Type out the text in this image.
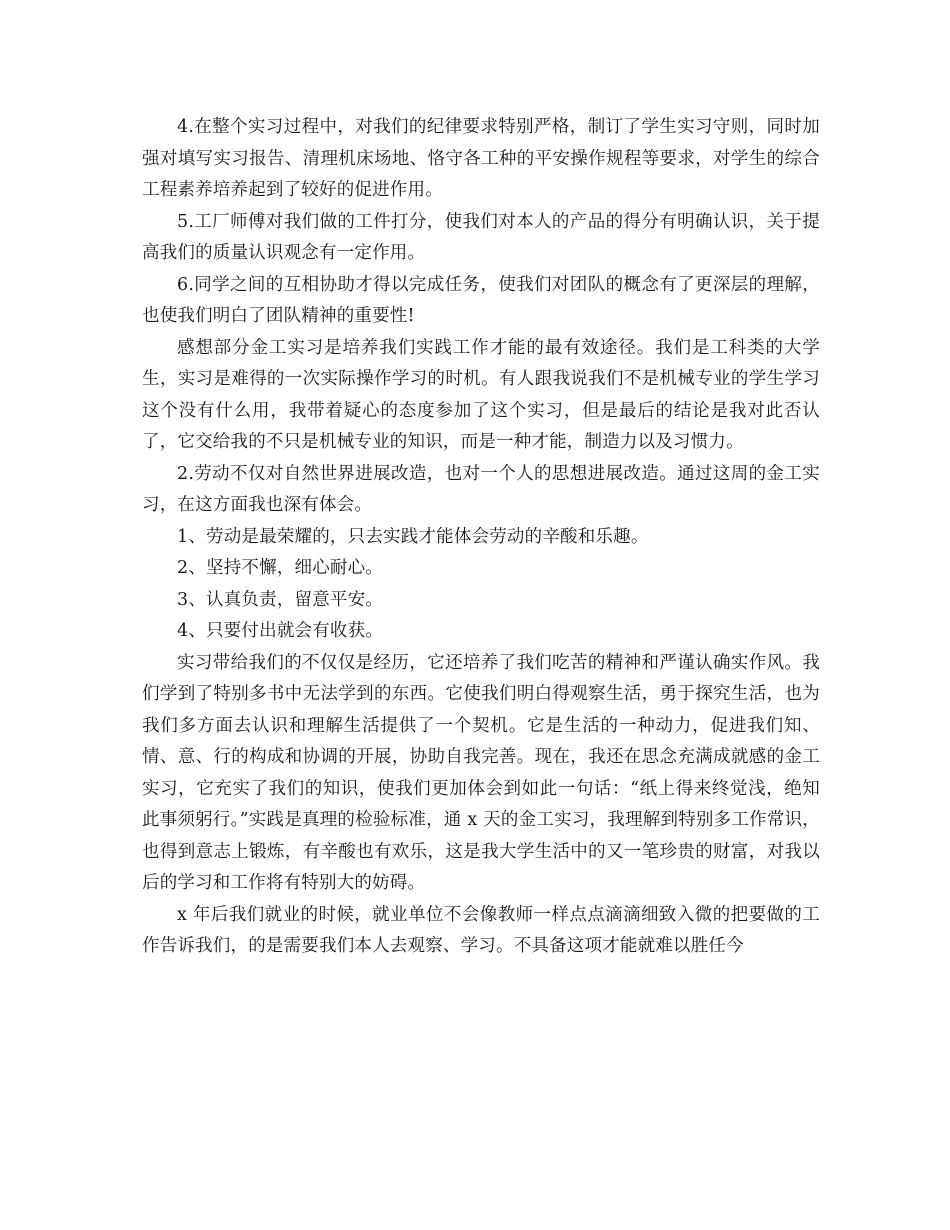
4.在整个实习过程中，对我们的纪律要求特别严格，制订了学生实习守则，同时加强对填写实习报告、清理机床场地、恪守各工种的平安操作规程等要求，对学生的综合工程素养培养起到了较好的促进作用。

5.工厂师傅对我们做的工件打分，使我们对本人的产品的得分有明确认识，关于提高我们的质量认识观念有一定作用。

6.同学之间的互相协助才得以完成任务，使我们对团队的概念有了更深层的理解，也使我们明白了团队精神的重要性!

感想部分金工实习是培养我们实践工作才能的最有效途径。我们是工科类的大学生，实习是难得的一次实际操作学习的时机。有人跟我说我们不是机械专业的学生学习这个没有什么用，我带着疑心的态度参加了这个实习，但是最后的结论是我对此否认了，它交给我的不只是机械专业的知识，而是一种才能，制造力以及习惯力。

2.劳动不仅对自然世界进展改造，也对一个人的思想进展改造。通过这周的金工实习，在这方面我也深有体会。

1、劳动是最荣耀的，只去实践才能体会劳动的辛酸和乐趣。

2、坚持不懈，细心耐心。

3、认真负责，留意平安。

4、只要付出就会有收获。

实习带给我们的不仅仅是经历，它还培养了我们吃苦的精神和严谨认确实作风。我们学到了特别多书中无法学到的东西。它使我们明白得观察生活，勇于探究生活，也为我们多方面去认识和理解生活提供了一个契机。它是生活的一种动力，促进我们知、情、意、行的构成和协调的开展，协助自我完善。现在，我还在思念充满成就感的金工实习，它充实了我们的知识，使我们更加体会到如此一句话：“纸上得来终觉浅，绝知此事须躬行。”实践是真理的检验标准，通 x 天的金工实习，我理解到特别多工作常识，也得到意志上锻炼，有辛酸也有欢乐，这是我大学生活中的又一笔珍贵的财富，对我以后的学习和工作将有特别大的妨碍。

x 年后我们就业的时候，就业单位不会像教师一样点点滴滴细致入微的把要做的工作告诉我们，的是需要我们本人去观察、学习。不具备这项才能就难以胜任今
